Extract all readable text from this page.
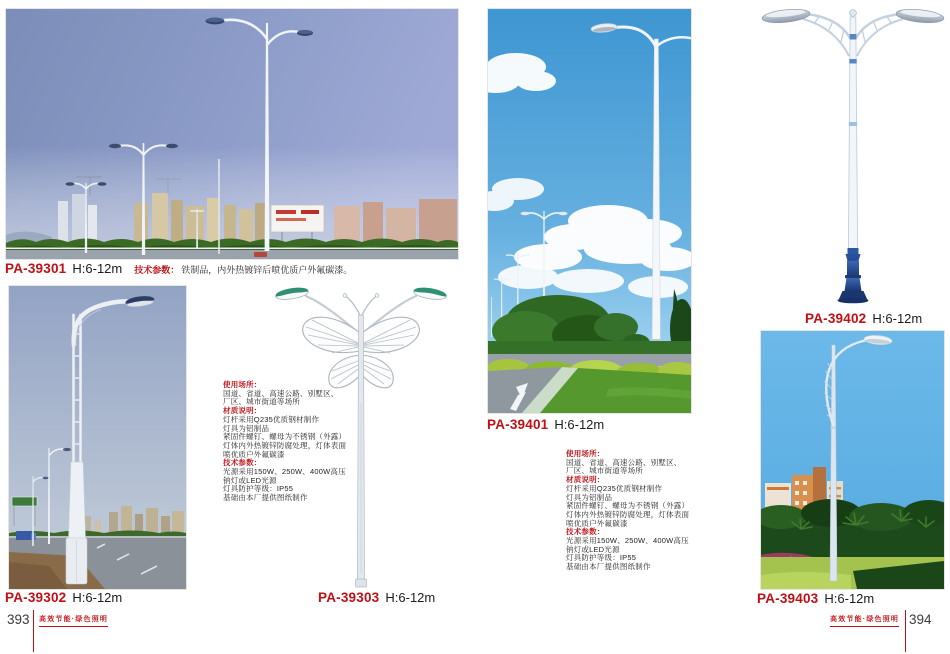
PA-39301 H:6-12m 技术参数： 铁制品，内外热镀锌后喷优质户外氟碳漆。
使用场所：
国道、省道、高速公路、别墅区、
厂区、城市街道等场所
材质说明：
灯杆采用Q235优质钢材制作
灯具为铝制品
紧固件螺钉、螺母为不锈钢（外露）
灯体内外热镀锌防腐处理，灯体表面
喷优质户外氟碳漆
技术参数：
光源采用150W、250W、400W高压
钠灯或LED光源
灯具防护等级：IP55
基础由本厂提供图纸制作
PA-39302 H:6-12m	PA-39303 H:6-12m
393 高效节能·绿色照明
PA-39401 H:6-12m
PA-39402 H:6-12m
使用场所：
国道、省道、高速公路、别墅区、
厂区、城市街道等场所
材质说明：
灯杆采用Q235优质钢材制作
灯具为铝制品
紧固件螺钉、螺母为不锈钢（外露）
灯体内外热镀锌防腐处理，灯体表面
喷优质户外氟碳漆
技术参数：
光源采用150W、250W、400W高压
钠灯或LED光源
灯具防护等级：IP55
基础由本厂提供图纸制作
PA-39403 H:6-12m
高效节能·绿色照明 394
